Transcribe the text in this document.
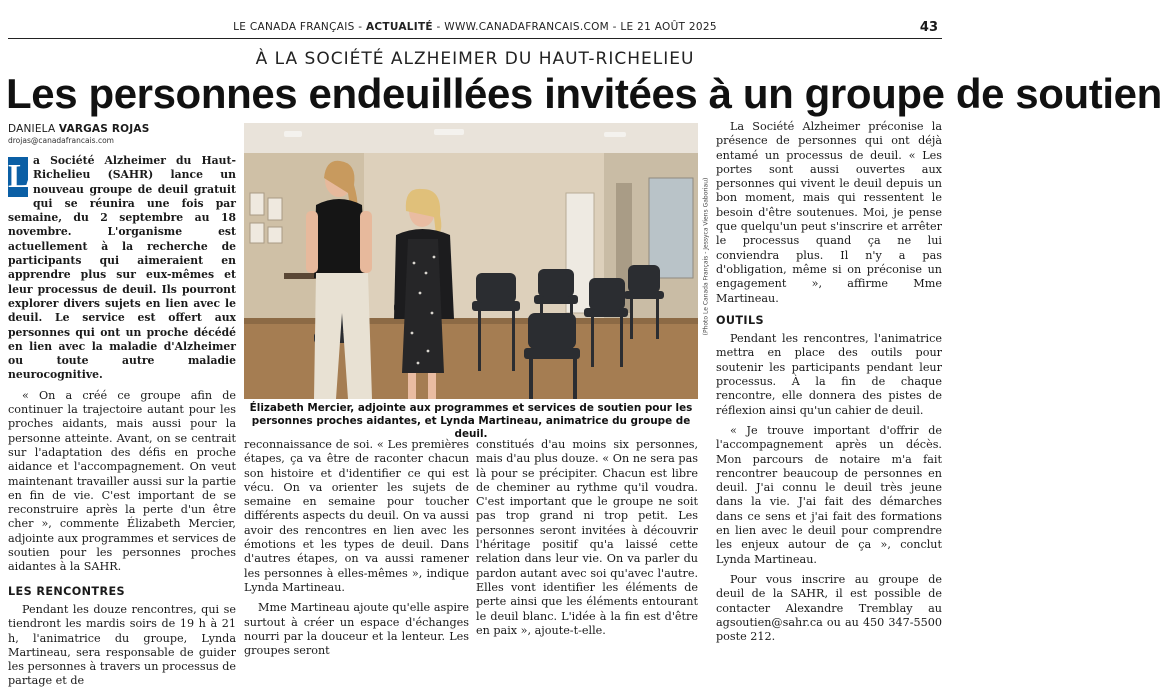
LE CANADA FRANÇAIS - ACTUALITÉ - WWW.CANADAFRANCAIS.COM - LE 21 AOÛT 2025	43
À LA SOCIÉTÉ ALZHEIMER DU HAUT-RICHELIEU
Les personnes endeuillées invitées à un groupe de soutien
DANIELA VARGAS ROJAS
drojas@canadafrancais.com

L a Société Alzheimer du Haut-Richelieu (SAHR) lance un nouveau groupe de deuil gratuit qui se réunira une fois par semaine, du 2 septembre au 18 novembre. L'organisme est actuellement à la recherche de participants qui aimeraient en apprendre plus sur eux-mêmes et leur processus de deuil. Ils pourront explorer divers sujets en lien avec le deuil. Le service est offert aux personnes qui ont un proche décédé en lien avec la maladie d'Alzheimer ou toute autre maladie neurocognitive.

« On a créé ce groupe afin de continuer la trajectoire autant pour les proches aidants, mais aussi pour la personne atteinte. Avant, on se centrait sur l'adaptation des défis en proche aidance et l'accompagnement. On veut maintenant travailler aussi sur la partie en fin de vie. C'est important de se reconstruire après la perte d'un être cher », commente Élizabeth Mercier, adjointe aux programmes et services de soutien pour les personnes proches aidantes à la SAHR.

LES RENCONTRES

Pendant les douze rencontres, qui se tiendront les mardis soirs de 19 h à 21 h, l'animatrice du groupe, Lynda Martineau, sera responsable de guider les personnes à travers un processus de partage et de

(Photo Le Canada Français - Jessyca Viens Gaboriau)
Élizabeth Mercier, adjointe aux programmes et services de soutien pour les personnes proches aidantes, et Lynda Martineau, animatrice du groupe de deuil.

reconnaissance de soi. « Les premières étapes, ça va être de raconter chacun son histoire et d'identifier ce qui est vécu. On va orienter les sujets de semaine en semaine pour toucher différents aspects du deuil. On va aussi avoir des rencontres en lien avec les émotions et les types de deuil. Dans d'autres étapes, on va aussi ramener les personnes à elles-mêmes », indique Lynda Martineau.

Mme Martineau ajoute qu'elle aspire surtout à créer un espace d'échanges nourri par la douceur et la lenteur. Les groupes seront

constitués d'au moins six personnes, mais d'au plus douze. « On ne sera pas là pour se précipiter. Chacun est libre de cheminer au rythme qu'il voudra. C'est important que le groupe ne soit pas trop grand ni trop petit. Les personnes seront invitées à découvrir l'héritage positif qu'a laissé cette relation dans leur vie. On va parler du pardon autant avec soi qu'avec l'autre. Elles vont identifier les éléments de perte ainsi que les éléments entourant le deuil blanc. L'idée à la fin est d'être en paix », ajoute-t-elle.

La Société Alzheimer préconise la présence de personnes qui ont déjà entamé un processus de deuil. « Les portes sont aussi ouvertes aux personnes qui vivent le deuil depuis un bon moment, mais qui ressentent le besoin d'être soutenues. Moi, je pense que quelqu'un peut s'inscrire et arrêter le processus quand ça ne lui conviendra plus. Il n'y a pas d'obligation, même si on préconise un engagement », affirme Mme Martineau.

OUTILS

Pendant les rencontres, l'animatrice mettra en place des outils pour soutenir les participants pendant leur processus. À la fin de chaque rencontre, elle donnera des pistes de réflexion ainsi qu'un cahier de deuil.

« Je trouve important d'offrir de l'accompagnement après un décès. Mon parcours de notaire m'a fait rencontrer beaucoup de personnes en deuil. J'ai connu le deuil très jeune dans la vie. J'ai fait des démarches dans ce sens et j'ai fait des formations en lien avec le deuil pour comprendre les enjeux autour de ça », conclut Lynda Martineau.

Pour vous inscrire au groupe de deuil de la SAHR, il est possible de contacter Alexandre Tremblay au agsoutien@sahr.ca ou au 450 347-5500 poste 212.
